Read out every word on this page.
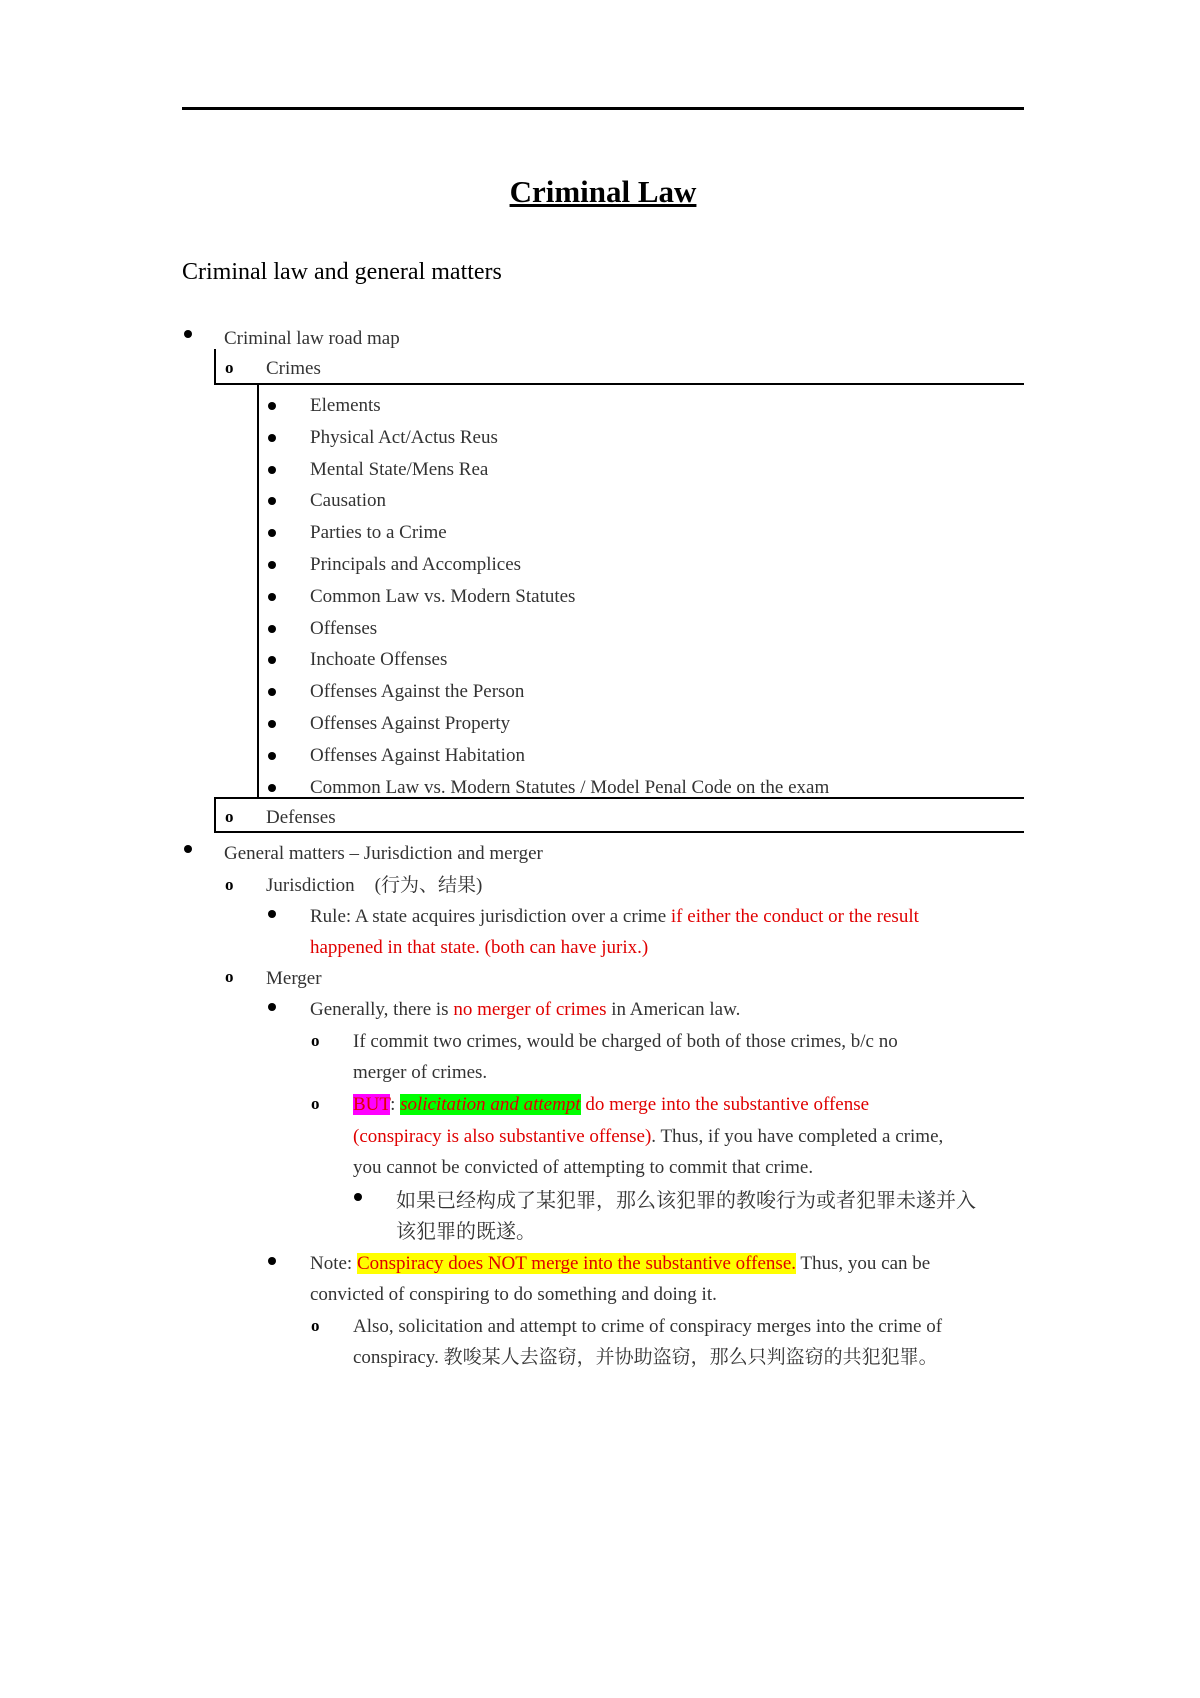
Criminal Law
Criminal law and general matters
Criminal law road map
o Crimes
Elements
Physical Act/Actus Reus
Mental State/Mens Rea
Causation
Parties to a Crime
Principals and Accomplices
Common Law vs. Modern Statutes
Offenses
Inchoate Offenses
Offenses Against the Person
Offenses Against Property
Offenses Against Habitation
Common Law vs. Modern Statutes / Model Penal Code on the exam
o Defenses
General matters – Jurisdiction and merger
o Jurisdiction (行为、结果)
Rule: A state acquires jurisdiction over a crime if either the conduct or the result
happened in that state. (both can have jurix.)
o Merger
Generally, there is no merger of crimes in American law.
o If commit two crimes, would be charged of both of those crimes, b/c no
merger of crimes.
o BUT: solicitation and attempt do merge into the substantive offense
(conspiracy is also substantive offense). Thus, if you have completed a crime,
you cannot be convicted of attempting to commit that crime.
如果已经构成了某犯罪，那么该犯罪的教唆行为或者犯罪未遂并入
该犯罪的既遂。
Note: Conspiracy does NOT merge into the substantive offense. Thus, you can be
convicted of conspiring to do something and doing it.
o Also, solicitation and attempt to crime of conspiracy merges into the crime of
conspiracy. 教唆某人去盗窃，并协助盗窃，那么只判盗窃的共犯犯罪。
